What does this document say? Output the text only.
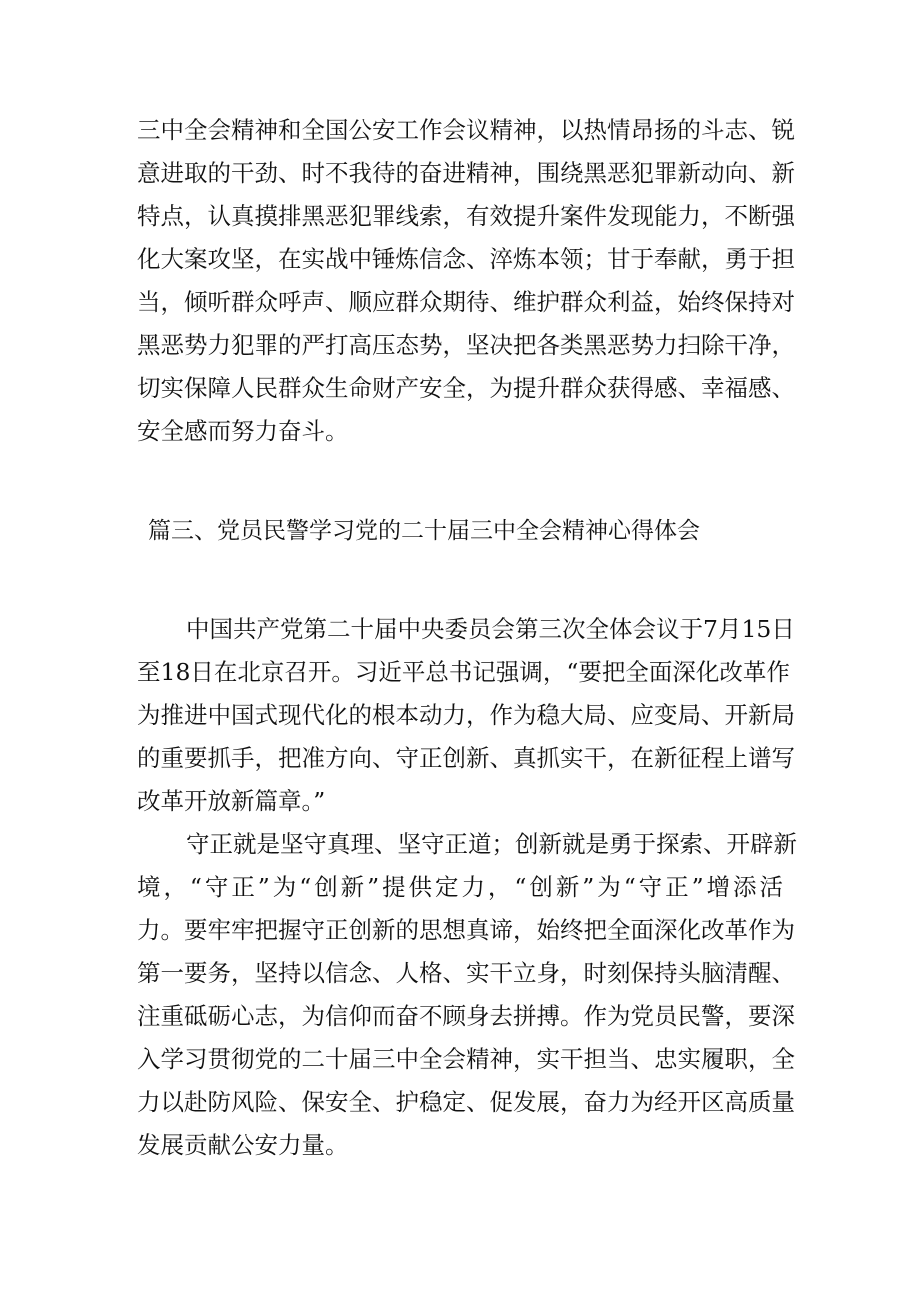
三中全会精神和全国公安工作会议精神，以热情昂扬的斗志、锐
意进取的干劲、时不我待的奋进精神，围绕黑恶犯罪新动向、新
特点，认真摸排黑恶犯罪线索，有效提升案件发现能力，不断强
化大案攻坚，在实战中锤炼信念、淬炼本领；甘于奉献，勇于担
当，倾听群众呼声、顺应群众期待、维护群众利益，始终保持对
黑恶势力犯罪的严打高压态势，坚决把各类黑恶势力扫除干净，
切实保障人民群众生命财产安全，为提升群众获得感、幸福感、
安全感而努力奋斗。
篇三、党员民警学习党的二十届三中全会精神心得体会
中国共产党第二十届中央委员会第三次全体会议于7月15日
至18日在北京召开。习近平总书记强调，“要把全面深化改革作
为推进中国式现代化的根本动力，作为稳大局、应变局、开新局
的重要抓手，把准方向、守正创新、真抓实干，在新征程上谱写
改革开放新篇章。”
守正就是坚守真理、坚守正道；创新就是勇于探索、开辟新
境，“守正”为“创新”提供定力，“创新”为“守正”增添活
力。要牢牢把握守正创新的思想真谛，始终把全面深化改革作为
第一要务，坚持以信念、人格、实干立身，时刻保持头脑清醒、
注重砥砺心志，为信仰而奋不顾身去拼搏。作为党员民警，要深
入学习贯彻党的二十届三中全会精神，实干担当、忠实履职，全
力以赴防风险、保安全、护稳定、促发展，奋力为经开区高质量
发展贡献公安力量。
